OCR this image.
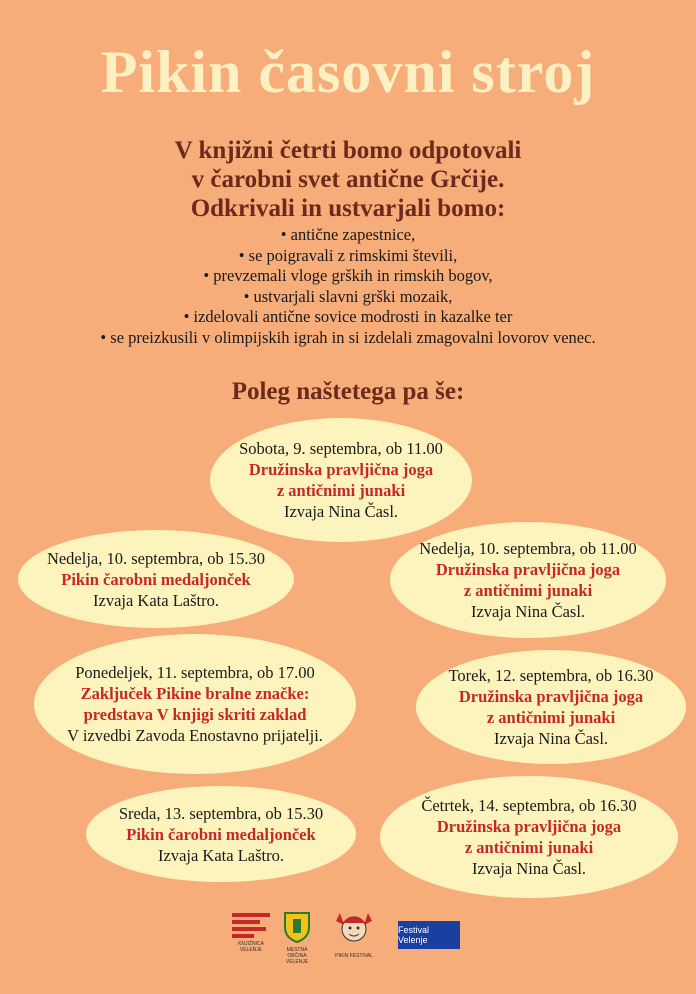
Pikin časovni stroj
V knjižni četrti bomo odpotovali
v čarobni svet antične Grčije.
Odkrivali in ustvarjali bomo:
• antične zapestnice,
• se poigravali z rimskimi števili,
• prevzemali vloge grških in rimskih bogov,
• ustvarjali slavni grški mozaik,
• izdelovali antične sovice modrosti in kazalke ter
• se preizkusili v olimpijskih igrah in si izdelali zmagovalni lovorov venec.
Poleg naštetega pa še:
Sobota, 9. septembra, ob 11.00
Družinska pravljična joga
z antičnimi junaki
Izvaja Nina Časl.
Nedelja, 10. septembra, ob 15.30
Pikin čarobni medaljonček
Izvaja Kata Laštro.
Nedelja, 10. septembra, ob 11.00
Družinska pravljična joga
z antičnimi junaki
Izvaja Nina Časl.
Ponedeljek, 11. septembra, ob 17.00
Zaključek Pikine bralne značke:
predstava V knjigi skriti zaklad
V izvedbi Zavoda Enostavno prijatelji.
Torek, 12. septembra, ob 16.30
Družinska pravljična joga
z antičnimi junaki
Izvaja Nina Časl.
Sreda, 13. septembra, ob 15.30
Pikin čarobni medaljonček
Izvaja Kata Laštro.
Četrtek, 14. septembra, ob 16.30
Družinska pravljična joga
z antičnimi junaki
Izvaja Nina Časl.
KNJIŽNICA
VELENJE	MESTNA OBČINA
VELENJE
PIKIN FESTIVAL
Festival Velenje
